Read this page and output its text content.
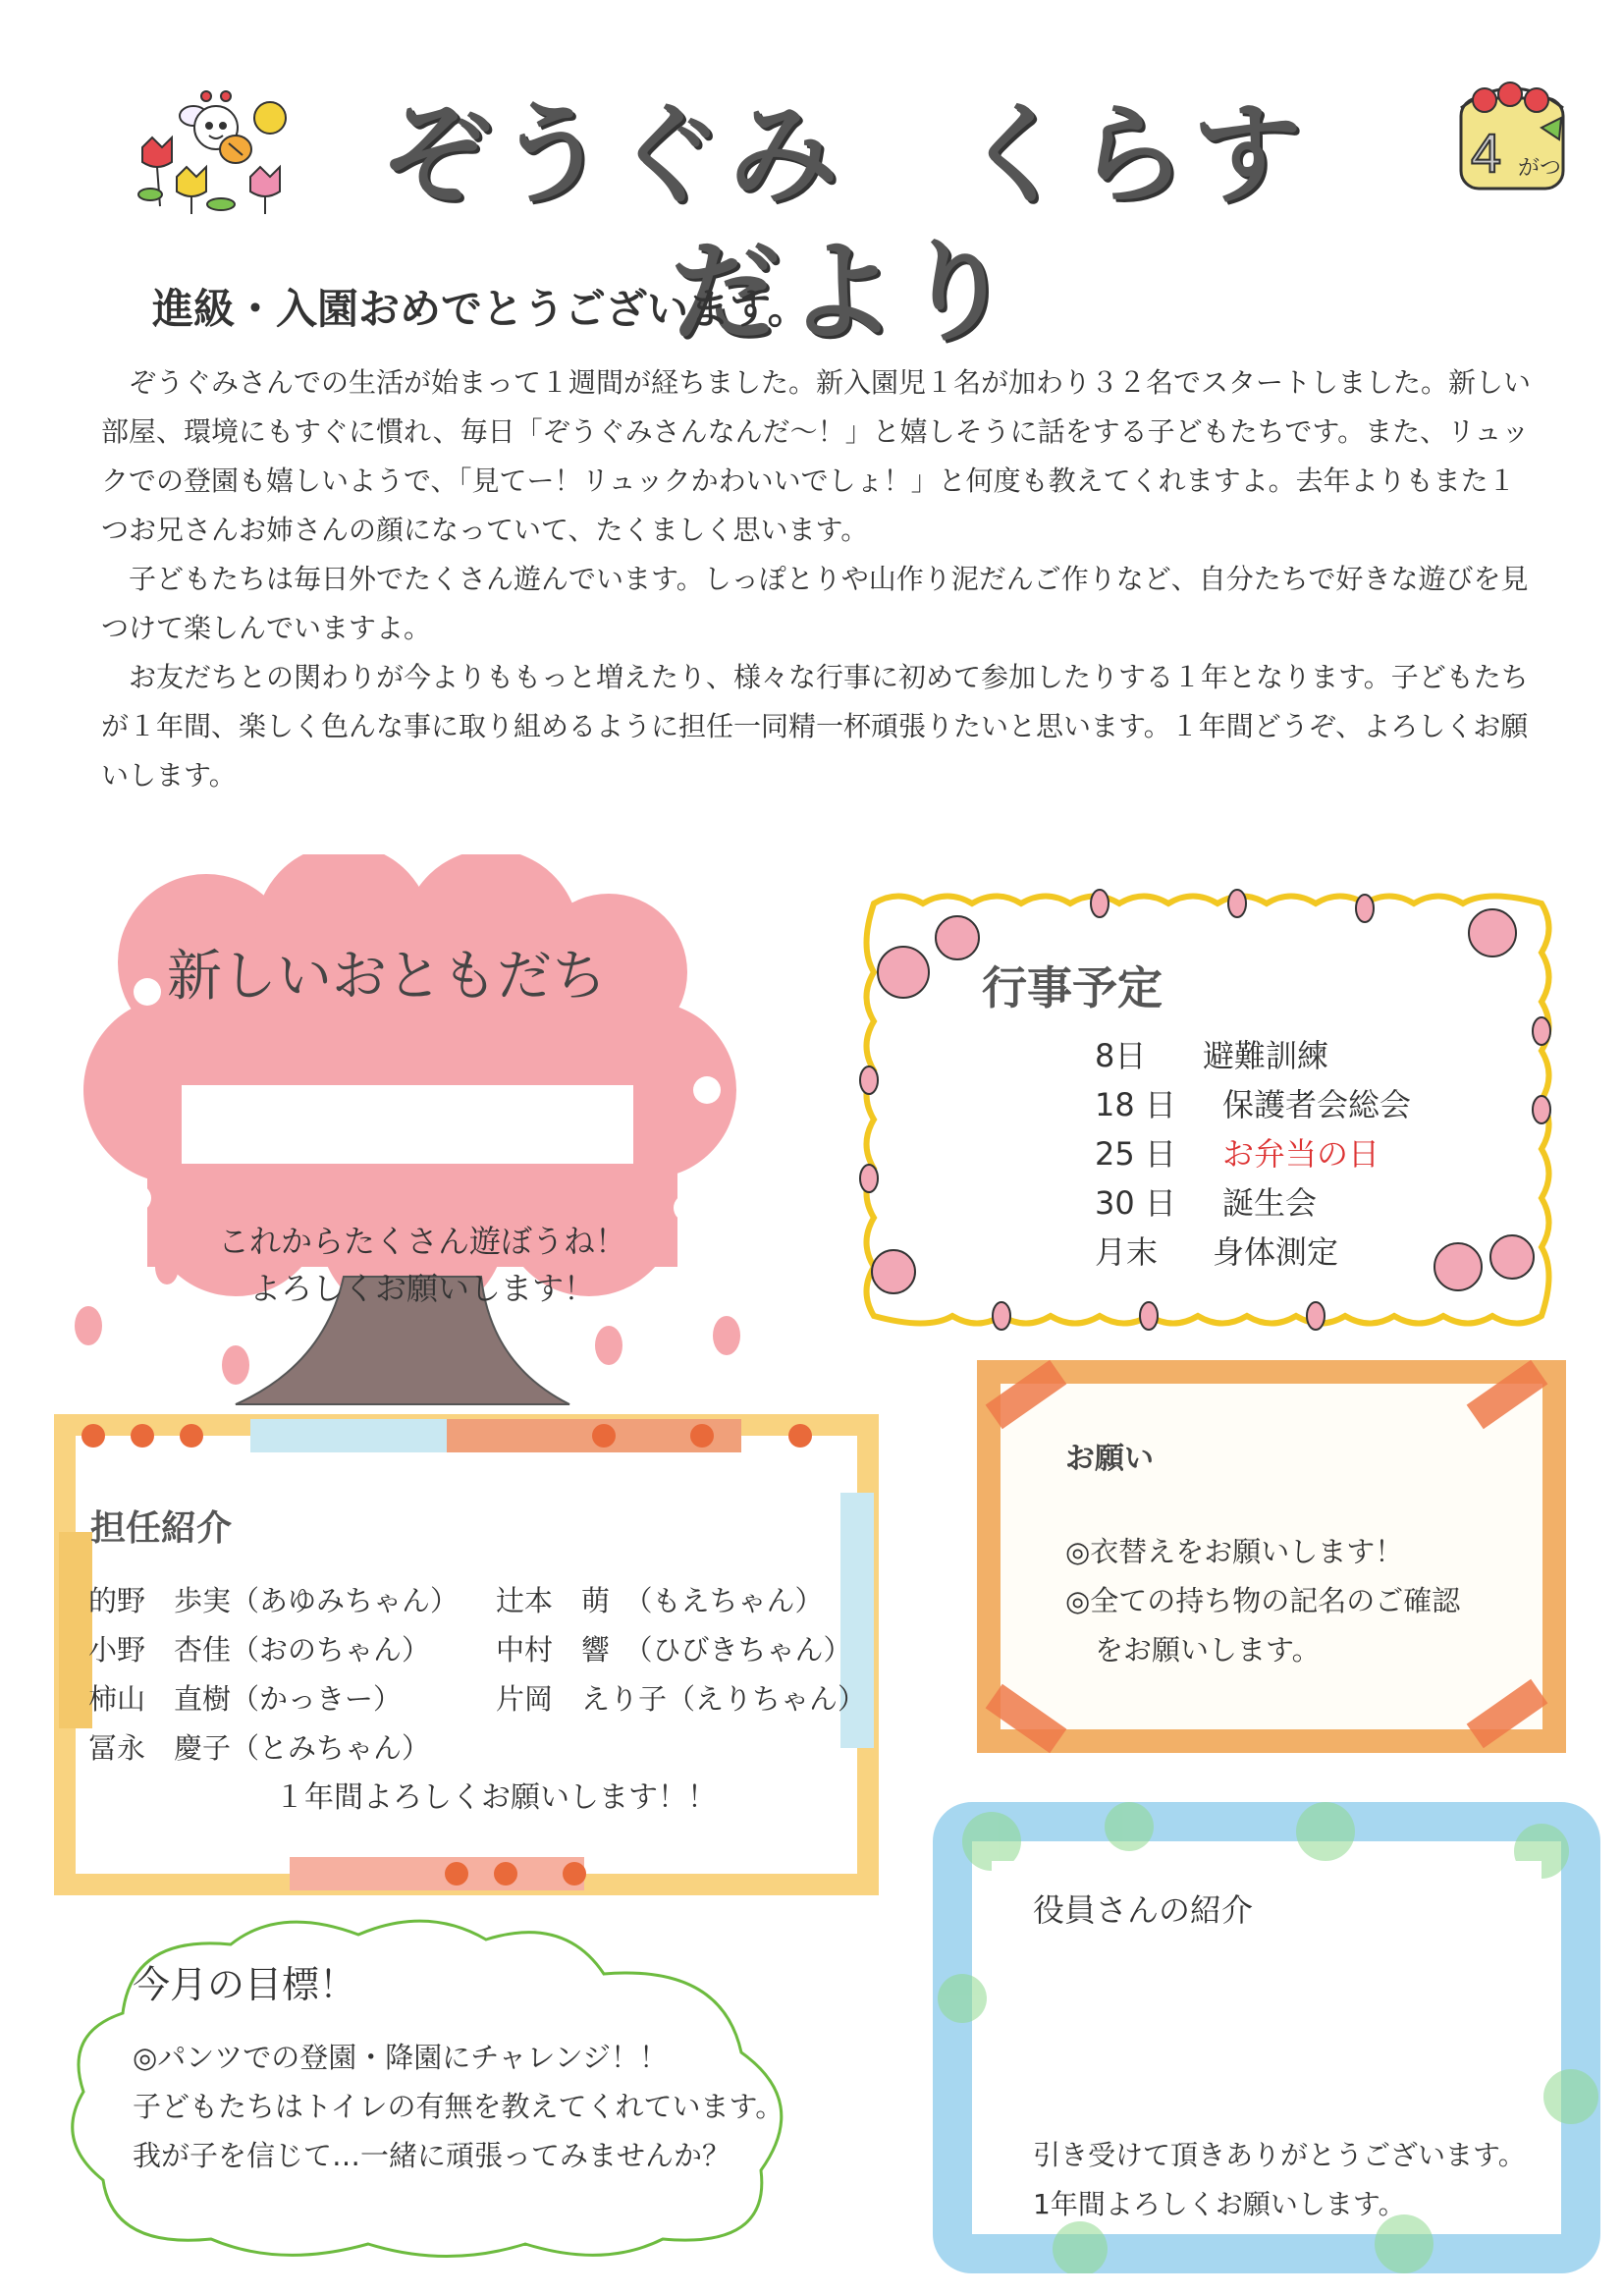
ぞうぐみ　くらすだより
4 がつ
進級・入園おめでとうございます。

ぞうぐみさんでの生活が始まって１週間が経ちました。新入園児１名が加わり３２名でスタートしました。新しい部屋、環境にもすぐに慣れ、毎日「ぞうぐみさんなんだ〜！」と嬉しそうに話をする子どもたちです。また、リュックでの登園も嬉しいようで、「見てー！リュックかわいいでしょ！」と何度も教えてくれますよ。去年よりもまた１つお兄さんお姉さんの顔になっていて、たくましく思います。

子どもたちは毎日外でたくさん遊んでいます。しっぽとりや山作り泥だんご作りなど、自分たちで好きな遊びを見つけて楽しんでいますよ。

お友だちとの関わりが今よりももっと増えたり、様々な行事に初めて参加したりする１年となります。子どもたちが１年間、楽しく色んな事に取り組めるように担任一同精一杯頑張りたいと思います。１年間どうぞ、よろしくお願いします。

新しいおともだち
これからたくさん遊ぼうね！
よろしくお願いします！
行事予定
8日	避難訓練
18 日	保護者会総会
25 日	お弁当の日
30 日	誕生会
月末	身体測定
担任紹介
的野　歩実（あゆみちゃん）
小野　杏佳（おのちゃん）
柿山　直樹（かっきー）
冨永　慶子（とみちゃん）
辻本　萌　（もえちゃん）
中村　響　（ひびきちゃん）
片岡　えり子（えりちゃん）
１年間よろしくお願いします！！
お願い
◎衣替えをお願いします！
◎全ての持ち物の記名のご確認
をお願いします。
今月の目標！
◎パンツでの登園・降園にチャレンジ！！
子どもたちはトイレの有無を教えてくれています。
我が子を信じて…一緒に頑張ってみませんか？
役員さんの紹介
引き受けて頂きありがとうございます。
1年間よろしくお願いします。
